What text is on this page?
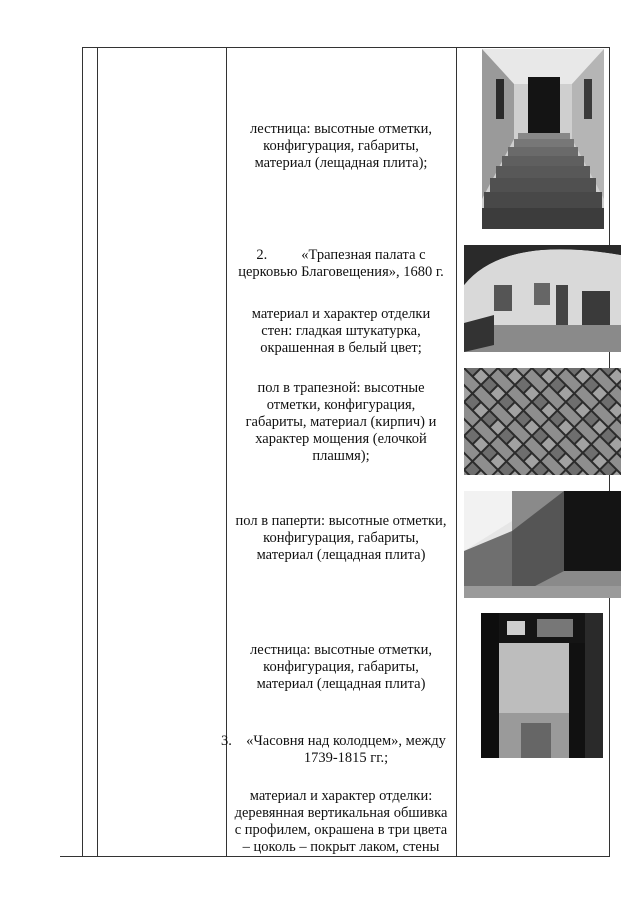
лестница: высотные отметки,
конфигурация, габариты,
материал (лещадная плита);
2. «Трапезная палата с
церковью Благовещения», 1680 г.
материал и характер отделки
стен: гладкая штукатурка,
окрашенная в белый цвет;
пол в трапезной: высотные
отметки, конфигурация,
габариты, материал (кирпич) и
характер мощения (елочкой
плашмя);
пол в паперти: высотные отметки,
конфигурация, габариты,
материал (лещадная плита)
лестница: высотные отметки,
конфигурация, габариты,
материал (лещадная плита)
3. «Часовня над колодцем», между
1739-1815 гг.;
материал и характер отделки:
деревянная вертикальная обшивка
с профилем, окрашена в три цвета
– цоколь – покрыт лаком, стены
